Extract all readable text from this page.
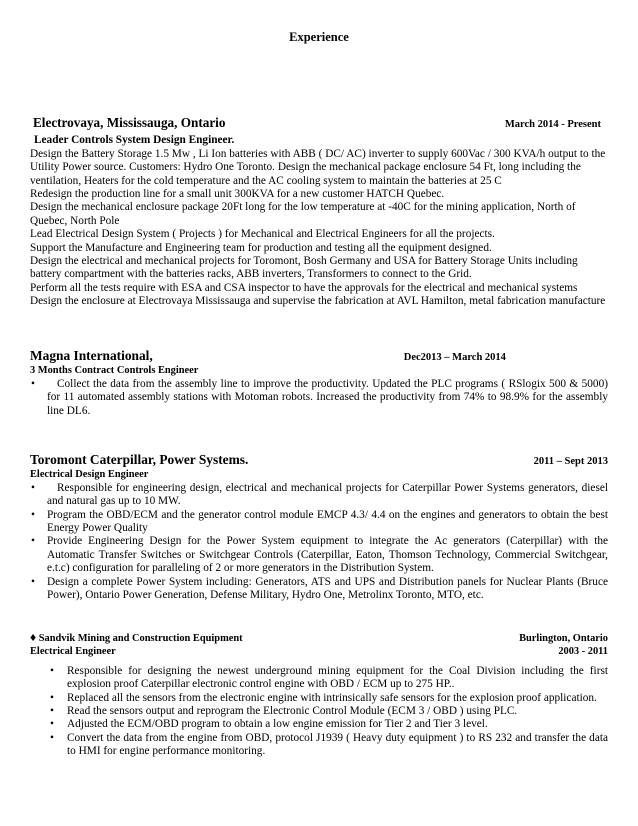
Experience
Electrovaya, Mississauga, Ontario	March 2014 - Present

Leader Controls System Design Engineer.

Design the Battery Storage 1.5 Mw , Li Ion batteries with ABB ( DC/ AC) inverter to supply 600Vac / 300 KVA/h output to the Utility Power source. Customers: Hydro One Toronto. Design the mechanical package enclosure 54 Ft, long including the ventilation, Heaters for the cold temperature and the AC cooling system to maintain the batteries at 25 C

Redesign the production line for a small unit 300KVA for a new customer HATCH Quebec.

Design the mechanical enclosure package 20Ft long for the low temperature at -40C for the mining application, North of Quebec, North Pole

Lead Electrical Design System ( Projects ) for Mechanical and Electrical Engineers for all the projects.

Support the Manufacture and Engineering team for production and testing all the equipment designed.

Design the electrical and mechanical projects for Toromont, Bosh Germany and USA for Battery Storage Units including battery compartment with the batteries racks, ABB inverters, Transformers to connect to the Grid.

Perform all the tests require with ESA and CSA inspector to have the approvals for the electrical and mechanical systems Design the enclosure at Electrovaya Mississauga and supervise the fabrication at AVL Hamilton, metal fabrication manufacture

Magna International,	Dec2013 – March 2014

3 Months Contract Controls Engineer

• Collect the data from the assembly line to improve the productivity. Updated the PLC programs ( RSlogix 500 & 5000) for 11 automated assembly stations with Motoman robots. Increased the productivity from 74% to 98.9% for the assembly line DL6.
Toromont Caterpillar, Power Systems.	2011 – Sept 2013

Electrical Design Engineer

• Responsible for engineering design, electrical and mechanical projects for Caterpillar Power Systems generators, diesel and natural gas up to 10 MW.
• Program the OBD/ECM and the generator control module EMCP 4.3/ 4.4 on the engines and generators to obtain the best Energy Power Quality
• Provide Engineering Design for the Power System equipment to integrate the Ac generators (Caterpillar) with the Automatic Transfer Switches or Switchgear Controls (Caterpillar, Eaton, Thomson Technology, Commercial Switchgear, e.t.c) configuration for paralleling of 2 or more generators in the Distribution System.
• Design a complete Power System including: Generators, ATS and UPS and Distribution panels for Nuclear Plants (Bruce Power), Ontario Power Generation, Defense Military, Hydro One, Metrolinx Toronto, MTO, etc.
♦ Sandvik Mining and Construction Equipment	Burlington, Ontario
Electrical Engineer	2003 - 2011
• Responsible for designing the newest underground mining equipment for the Coal Division including the first explosion proof Caterpillar electronic control engine with OBD / ECM up to 275 HP..
• Replaced all the sensors from the electronic engine with intrinsically safe sensors for the explosion proof application.
• Read the sensors output and reprogram the Electronic Control Module (ECM 3 / OBD ) using PLC.
• Adjusted the ECM/OBD program to obtain a low engine emission for Tier 2 and Tier 3 level.
• Convert the data from the engine from OBD, protocol J1939 ( Heavy duty equipment ) to RS 232 and transfer the data to HMI for engine performance monitoring.
